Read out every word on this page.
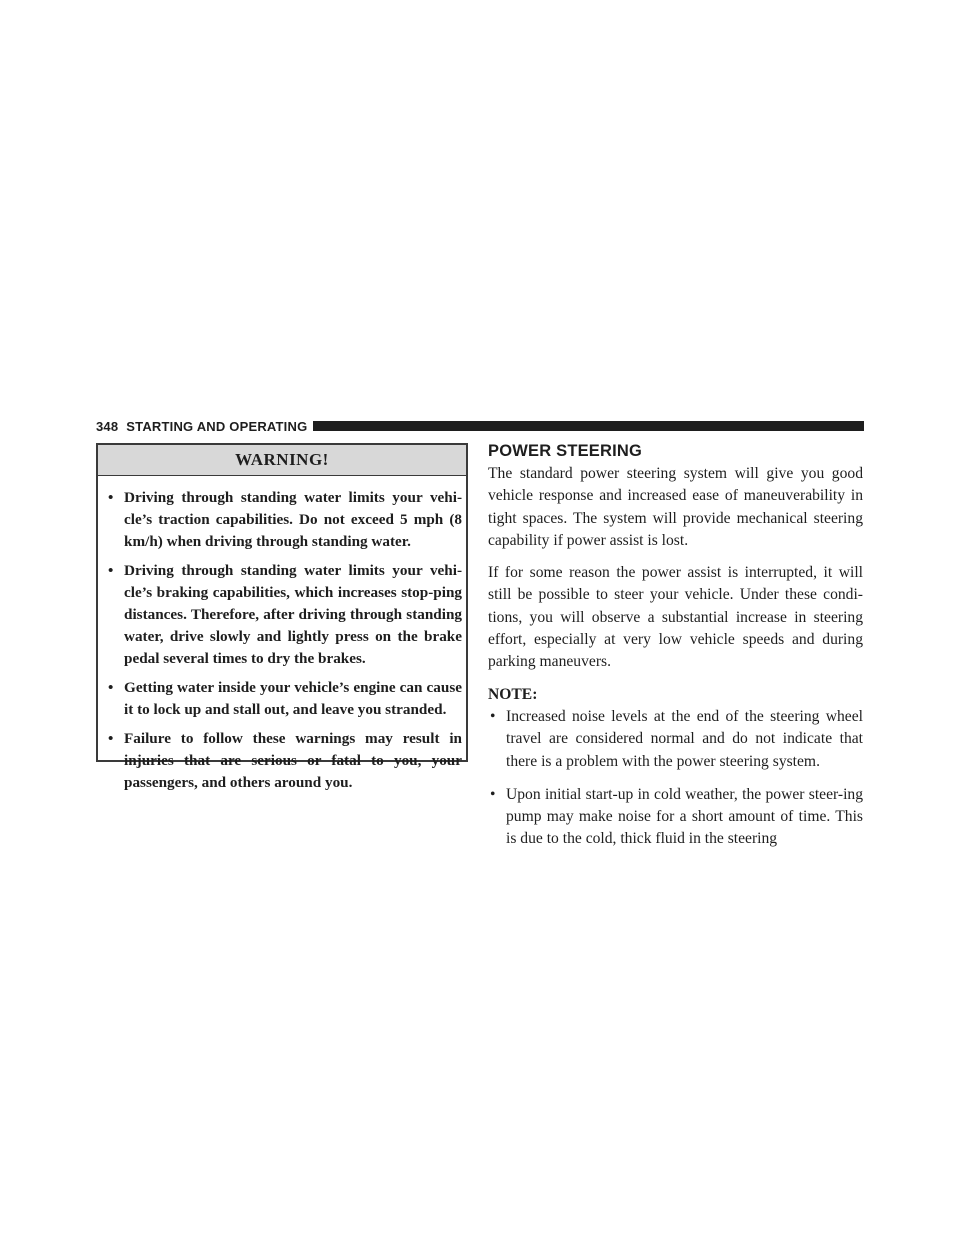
348 STARTING AND OPERATING
WARNING!
• Driving through standing water limits your vehi-cle’s traction capabilities. Do not exceed 5 mph (8 km/h) when driving through standing water.
• Driving through standing water limits your vehi-cle’s braking capabilities, which increases stop-ping distances. Therefore, after driving through standing water, drive slowly and lightly press on the brake pedal several times to dry the brakes.
• Getting water inside your vehicle’s engine can cause it to lock up and stall out, and leave you stranded.
• Failure to follow these warnings may result in injuries that are serious or fatal to you, your passengers, and others around you.
POWER STEERING

The standard power steering system will give you good vehicle response and increased ease of maneuverability in tight spaces. The system will provide mechanical steering capability if power assist is lost.

If for some reason the power assist is interrupted, it will still be possible to steer your vehicle. Under these condi-tions, you will observe a substantial increase in steering effort, especially at very low vehicle speeds and during parking maneuvers.

NOTE:

• Increased noise levels at the end of the steering wheel travel are considered normal and do not indicate that there is a problem with the power steering system.
• Upon initial start-up in cold weather, the power steer-ing pump may make noise for a short amount of time. This is due to the cold, thick fluid in the steering
